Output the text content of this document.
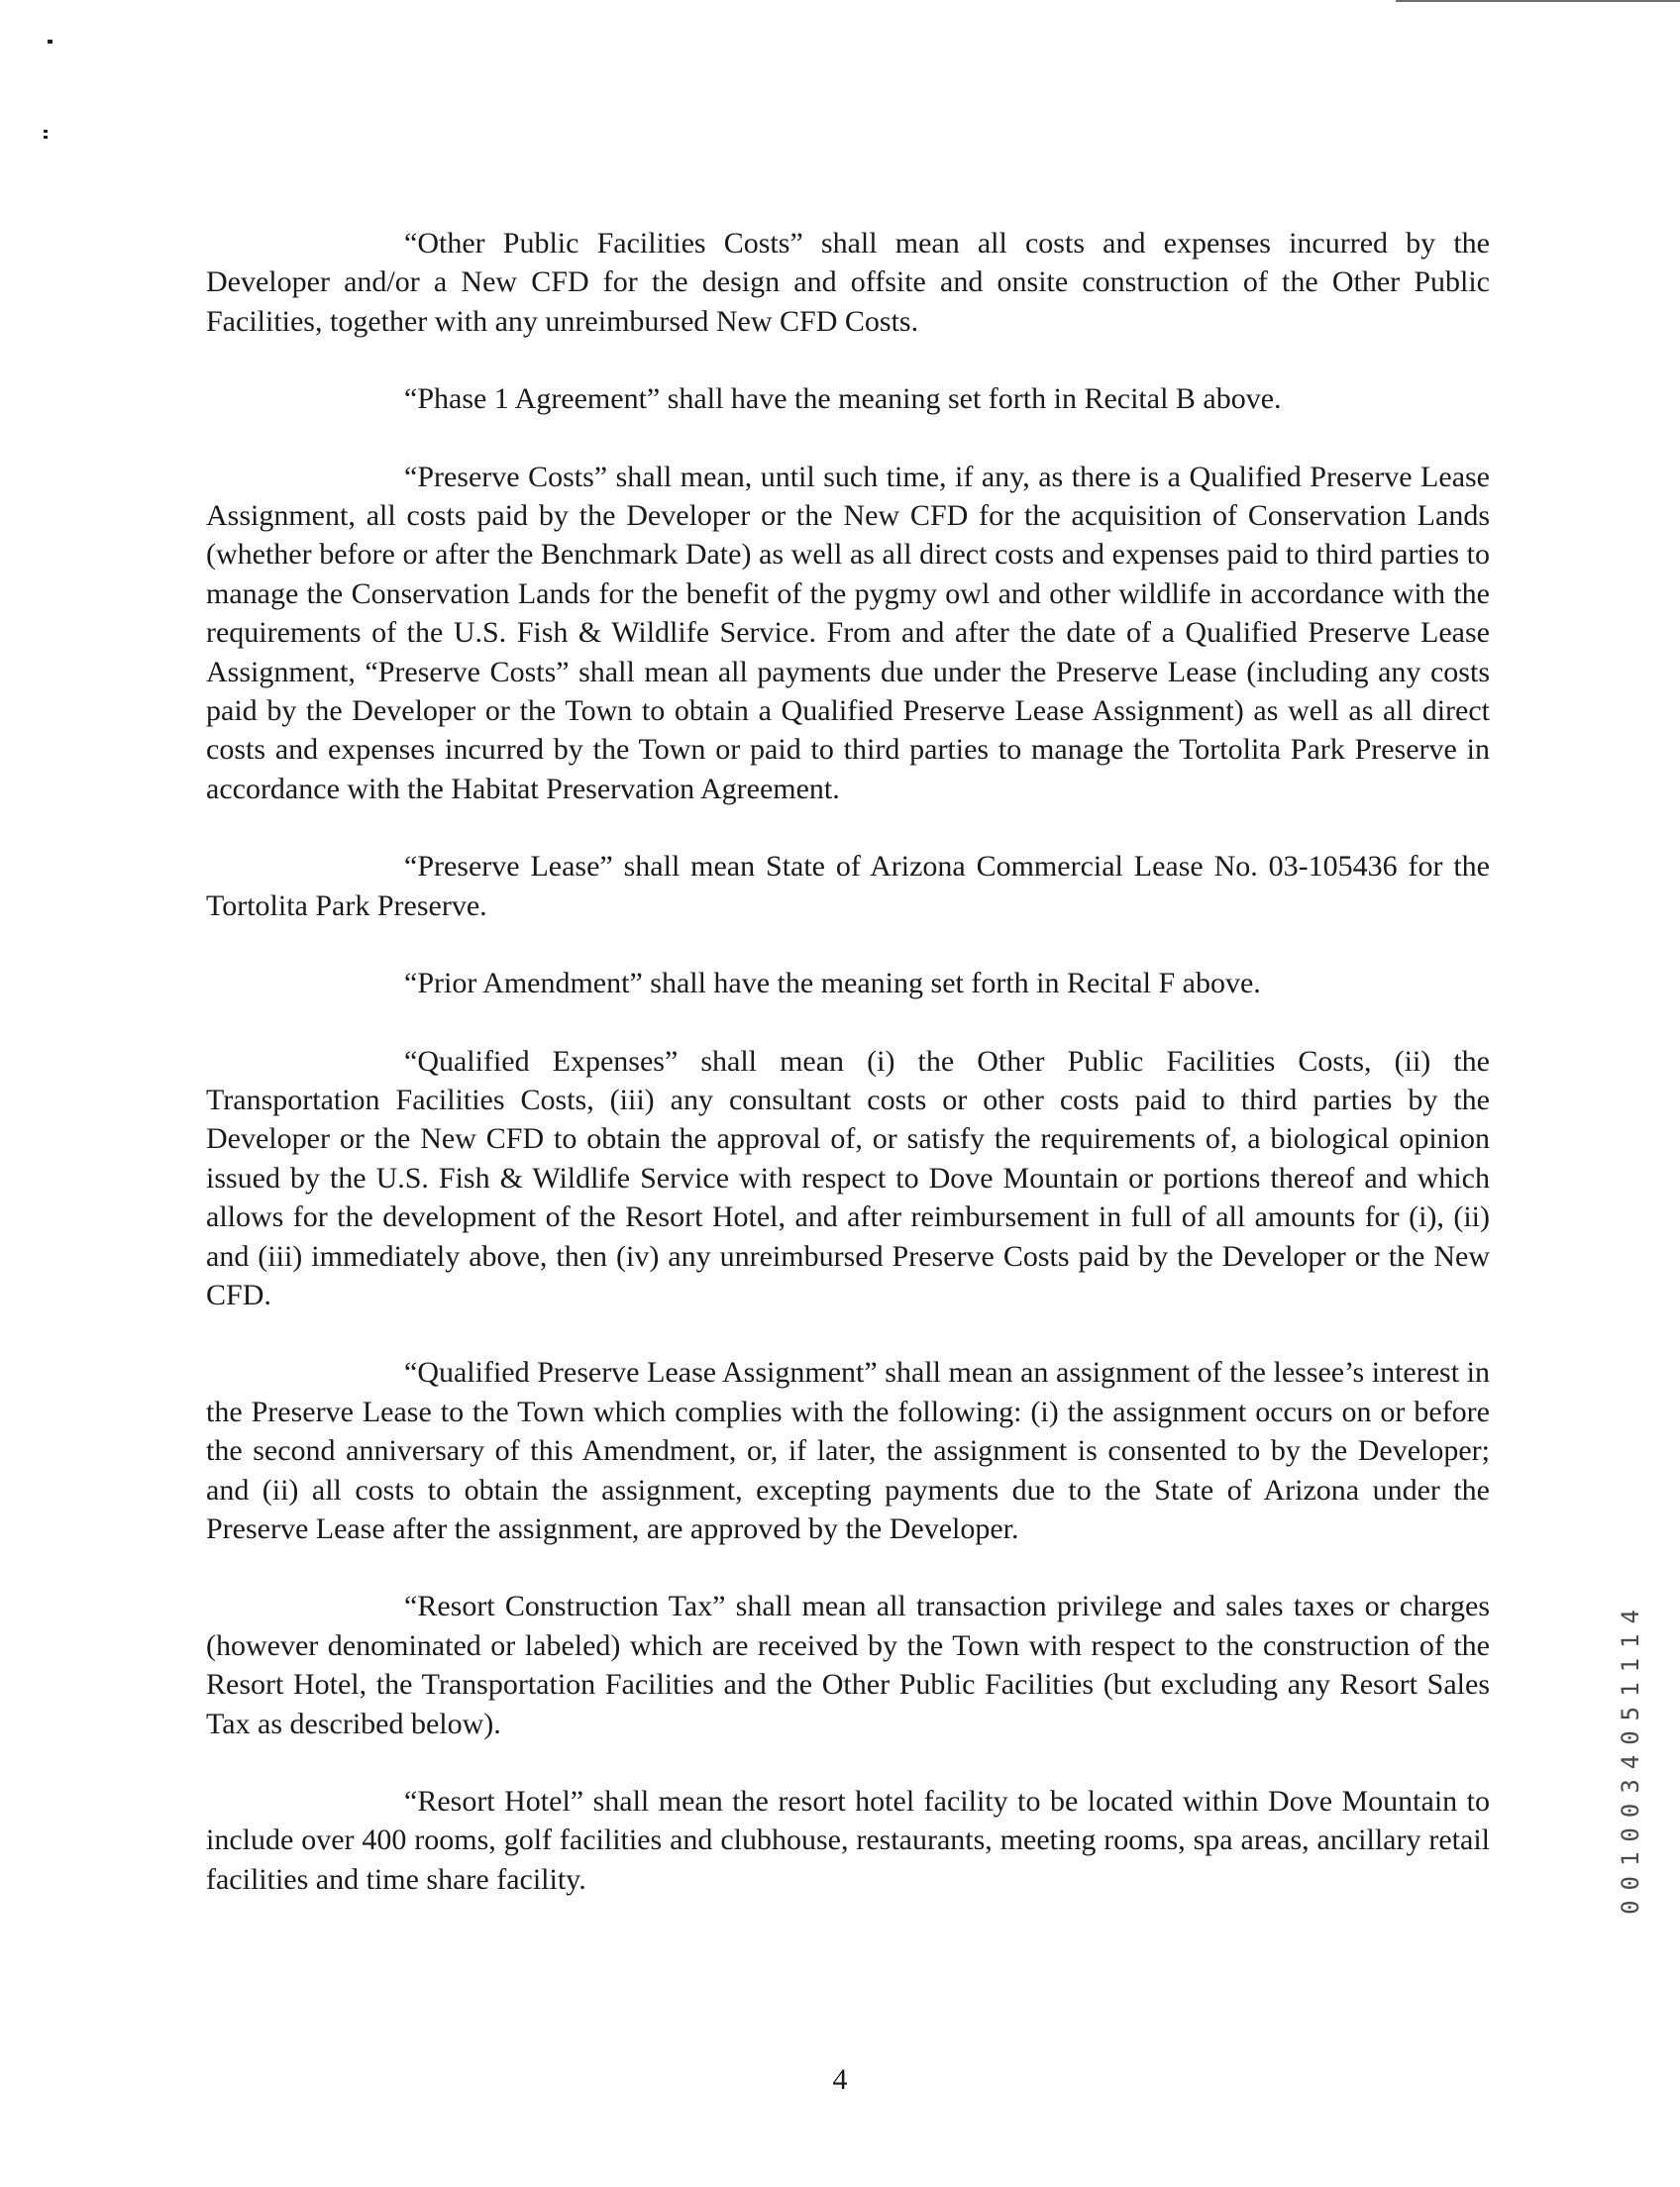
“Other Public Facilities Costs” shall mean all costs and expenses incurred by the Developer and/or a New CFD for the design and offsite and onsite construction of the Other Public Facilities, together with any unreimbursed New CFD Costs.

“Phase 1 Agreement” shall have the meaning set forth in Recital B above.

“Preserve Costs” shall mean, until such time, if any, as there is a Qualified Preserve Lease Assignment, all costs paid by the Developer or the New CFD for the acquisition of Conservation Lands (whether before or after the Benchmark Date) as well as all direct costs and expenses paid to third parties to manage the Conservation Lands for the benefit of the pygmy owl and other wildlife in accordance with the requirements of the U.S. Fish & Wildlife Service. From and after the date of a Qualified Preserve Lease Assignment, “Preserve Costs” shall mean all payments due under the Preserve Lease (including any costs paid by the Developer or the Town to obtain a Qualified Preserve Lease Assignment) as well as all direct costs and expenses incurred by the Town or paid to third parties to manage the Tortolita Park Preserve in accordance with the Habitat Preservation Agreement.

“Preserve Lease” shall mean State of Arizona Commercial Lease No. 03-105436 for the Tortolita Park Preserve.

“Prior Amendment” shall have the meaning set forth in Recital F above.

“Qualified Expenses” shall mean (i) the Other Public Facilities Costs, (ii) the Transportation Facilities Costs, (iii) any consultant costs or other costs paid to third parties by the Developer or the New CFD to obtain the approval of, or satisfy the requirements of, a biological opinion issued by the U.S. Fish & Wildlife Service with respect to Dove Mountain or portions thereof and which allows for the development of the Resort Hotel, and after reimbursement in full of all amounts for (i), (ii) and (iii) immediately above, then (iv) any unreimbursed Preserve Costs paid by the Developer or the New CFD.

“Qualified Preserve Lease Assignment” shall mean an assignment of the lessee’s interest in the Preserve Lease to the Town which complies with the following: (i) the assignment occurs on or before the second anniversary of this Amendment, or, if later, the assignment is consented to by the Developer; and (ii) all costs to obtain the assignment, excepting payments due to the State of Arizona under the Preserve Lease after the assignment, are approved by the Developer.

“Resort Construction Tax” shall mean all transaction privilege and sales taxes or charges (however denominated or labeled) which are received by the Town with respect to the construction of the Resort Hotel, the Transportation Facilities and the Other Public Facilities (but excluding any Resort Sales Tax as described below).

“Resort Hotel” shall mean the resort hotel facility to be located within Dove Mountain to include over 400 rooms, golf facilities and clubhouse, restaurants, meeting rooms, spa areas, ancillary retail facilities and time share facility.	0010034051114
4
